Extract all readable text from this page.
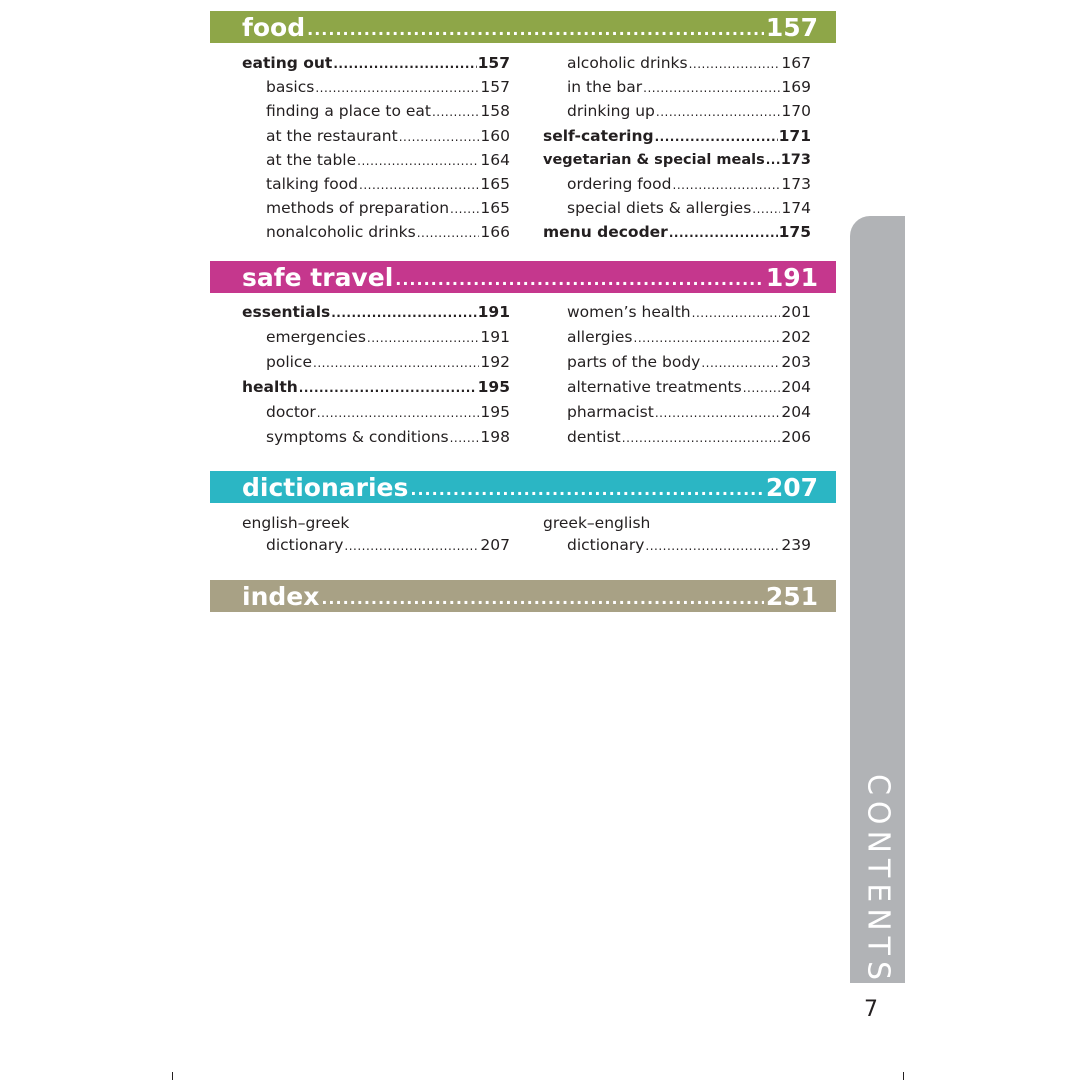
food .....	157
eating out .....	157
basics .....	157
finding a place to eat .....	158
at the restaurant .....	160
at the table .....	164
talking food .....	165
methods of preparation ..... 165
nonalcoholic drinks .....	166
alcoholic drinks .....	167
in the bar .....	169
drinking up .....	170
self-catering .....	171
vegetarian & special meals ..... 173
ordering food .....	173
special diets & allergies ..... 174
menu decoder .....	175
safe travel .....	191
essentials .....	191
emergencies .....	191
police .....	192
health .....	195
doctor .....	195
symptoms & conditions ..... 198
women’s health .....	201
allergies .....	202
parts of the body .....	203
alternative treatments .....	204
pharmacist .....	204
dentist .....	206
dictionaries .....	207
english–greek
dictionary .....	207
greek–english
dictionary .....	239
index .....	251
CONTENTS
7
